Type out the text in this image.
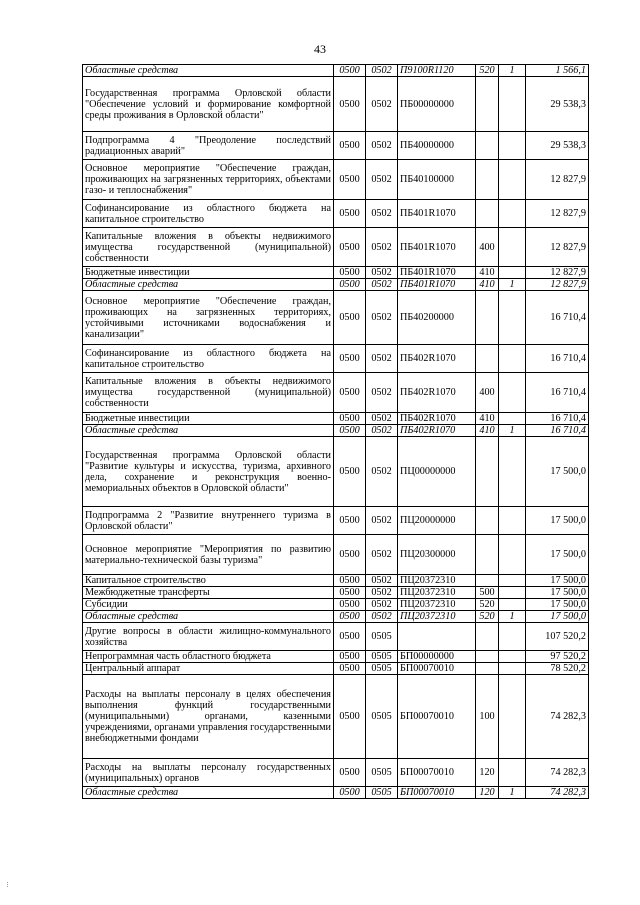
43
Областные средства	0500	0502	П9100R1120	520	1	1 566,1
Государственная программа Орловской области "Обеспечение условий и формирование комфортной среды проживания в Орловской области"	0500	0502	ПБ00000000			29 538,3
Подпрограмма 4 "Преодоление последствий радиационных аварий"	0500	0502	ПБ40000000			29 538,3
Основное мероприятие "Обеспечение граждан, проживающих на загрязненных территориях, объектами газо- и теплоснабжения"	0500	0502	ПБ40100000			12 827,9
Софинансирование из областного бюджета на капитальное строительство	0500	0502	ПБ401R1070			12 827,9
Капитальные вложения в объекты недвижимого имущества государственной (муниципальной) собственности	0500	0502	ПБ401R1070	400		12 827,9
Бюджетные инвестиции	0500	0502	ПБ401R1070	410		12 827,9
Областные средства	0500	0502	ПБ401R1070	410	1	12 827,9
Основное мероприятие "Обеспечение граждан, проживающих на загрязненных территориях, устойчивыми источниками водоснабжения и канализации"	0500	0502	ПБ40200000			16 710,4
Софинансирование из областного бюджета на капитальное строительство	0500	0502	ПБ402R1070			16 710,4
Капитальные вложения в объекты недвижимого имущества государственной (муниципальной) собственности	0500	0502	ПБ402R1070	400		16 710,4
Бюджетные инвестиции	0500	0502	ПБ402R1070	410		16 710,4
Областные средства	0500	0502	ПБ402R1070	410	1	16 710,4
Государственная программа Орловской области "Развитие культуры и искусства, туризма, архивного дела, сохранение и реконструкция военно-мемориальных объектов в Орловской области"	0500	0502	ПЦ00000000			17 500,0
Подпрограмма 2 "Развитие внутреннего туризма в Орловской области"	0500	0502	ПЦ20000000			17 500,0
Основное мероприятие "Мероприятия по развитию материально-технической базы туризма"	0500	0502	ПЦ20300000			17 500,0
Капитальное строительство	0500	0502	ПЦ20372310			17 500,0
Межбюджетные трансферты	0500	0502	ПЦ20372310	500		17 500,0
Субсидии	0500	0502	ПЦ20372310	520		17 500,0
Областные средства	0500	0502	ПЦ20372310	520	1	17 500,0
Другие вопросы в области жилищно-коммунального хозяйства	0500	0505				107 520,2
Непрограммная часть областного бюджета	0500	0505	БП00000000			97 520,2
Центральный аппарат	0500	0505	БП00070010			78 520,2
Расходы на выплаты персоналу в целях обеспечения выполнения функций государственными (муниципальными) органами, казенными учреждениями, органами управления государственными внебюджетными фондами	0500	0505	БП00070010	100		74 282,3
Расходы на выплаты персоналу государственных (муниципальных) органов	0500	0505	БП00070010	120		74 282,3
Областные средства	0500	0505	БП00070010	120	1	74 282,3
